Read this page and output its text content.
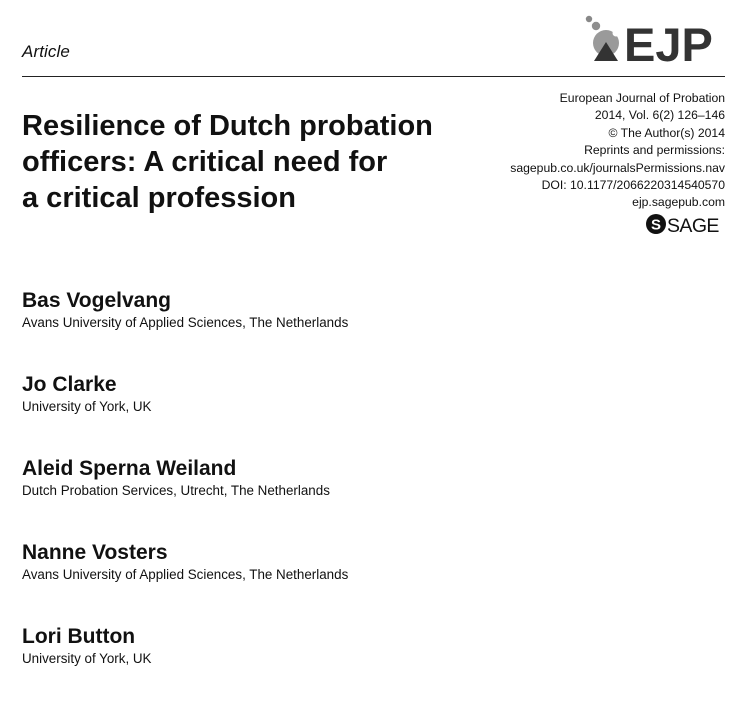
Article	EJP
Resilience of Dutch probation
officers: A critical need for
a critical profession
European Journal of Probation
2014, Vol. 6(2) 126–146
© The Author(s) 2014
Reprints and permissions:
sagepub.co.uk/journalsPermissions.nav
DOI: 10.1177/2066220314540570
ejp.sagepub.com
S SAGE
Bas Vogelvang
Avans University of Applied Sciences, The Netherlands
Jo Clarke
University of York, UK
Aleid Sperna Weiland
Dutch Probation Services, Utrecht, The Netherlands
Nanne Vosters
Avans University of Applied Sciences, The Netherlands
Lori Button
University of York, UK
